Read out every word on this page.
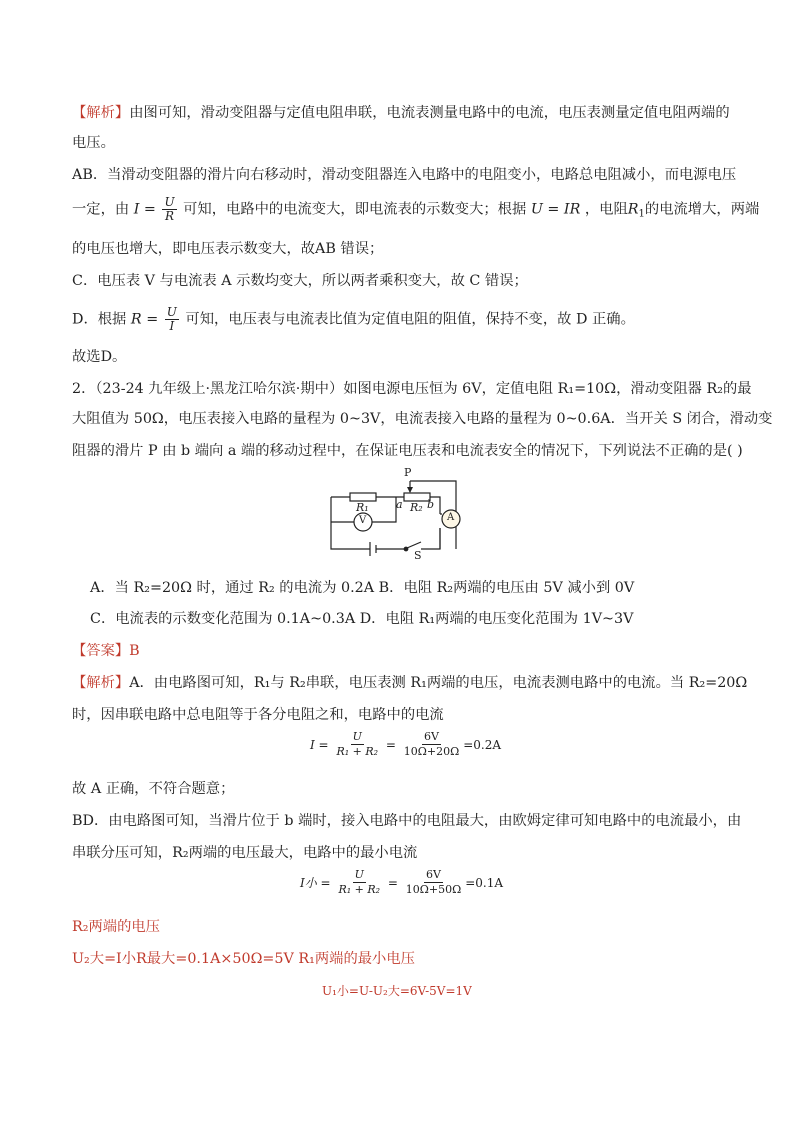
【解析】由图可知，滑动变阻器与定值电阻串联，电流表测量电路中的电流，电压表测量定值电阻两端的
电压。
AB．当滑动变阻器的滑片向右移动时，滑动变阻器连入电路中的电阻变小，电路总电阻减小，而电源电压
一定，由 $I = \frac{U}{R}$ 可知，电路中的电流变大，即电流表的示数变大；根据 U = IR ，电阻$R_1$的电流增大，两端
的电压也增大，即电压表示数变大，故AB 错误；
C．电压表 V 与电流表 A 示数均变大，所以两者乘积变大，故 C 错误；
D．根据 $R = \frac{U}{I}$ 可知，电压表与电流表比值为定值电阻的阻值，保持不变，故 D 正确。
故选D。
2．（23-24 九年级上·黑龙江哈尔滨·期中）如图电源电压恒为 6V，定值电阻 R₁=10Ω，滑动变阻器 R₂的最
大阻值为 50Ω，电压表接入电路的量程为 0~3V，电流表接入电路的量程为 0~0.6A．当开关 S 闭合，滑动变
阻器的滑片 P 由 b 端向 a 端的移动过程中，在保证电压表和电流表安全的情况下，下列说法不正确的是( )
P
R₁ a R₂ b
V	A
S
A．当 R₂=20Ω 时，通过 R₂ 的电流为 0.2A B．电阻 R₂两端的电压由 5V 减小到 0V
C．电流表的示数变化范围为 0.1A~0.3A D．电阻 R₁两端的电压变化范围为 1V~3V
【答案】B
【解析】A．由电路图可知，R₁与 R₂串联，电压表测 R₁两端的电压，电流表测电路中的电流。当 R₂=20Ω
时，因串联电路中总电阻等于各分电阻之和，电路中的电流
I =
$\frac{U}{\text{R₁ + R₂}}$
=
$\frac{6V}{10\Omega+20\Omega} =0.2A$
故 A 正确，不符合题意；
BD．由电路图可知，当滑片位于 b 端时，接入电路中的电阻最大，由欧姆定律可知电路中的电流最小，由
串联分压可知，R₂两端的电压最大，电路中的最小电流
I小 =
$\frac{U}{\text{R₁ + R₂}}$
=
$\frac{6V}{10\Omega+50\Omega} =0.1A$
R₂两端的电压
U₂大=I小R最大=0.1A×50Ω=5V R₁两端的最小电压
U₁小=U-U₂大=6V-5V=1V
